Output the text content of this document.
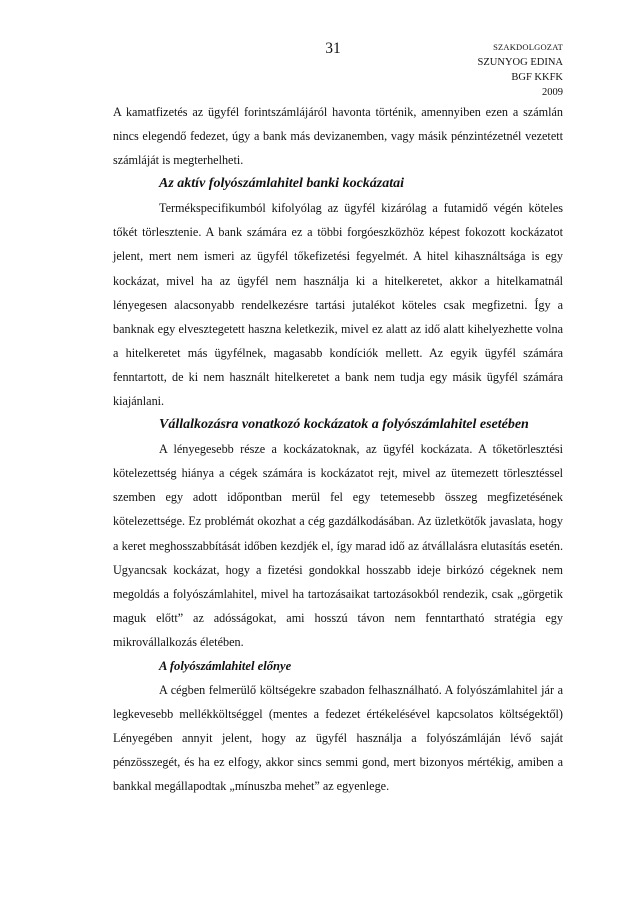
31	SZAKDOLGOZAT
SZUNYOG EDINA
BGF KKFK
2009

A kamatfizetés az ügyfél forintszámlájáról havonta történik, amennyiben ezen a számlán nincs elegendő fedezet, úgy a bank más devizanemben, vagy másik pénzintézetnél vezetett számláját is megterhelheti.

Az aktív folyószámlahitel banki kockázatai

Termékspecifikumból kifolyólag az ügyfél kizárólag a futamidő végén köteles tőkét törlesztenie. A bank számára ez a többi forgóeszközhöz képest fokozott kockázatot jelent, mert nem ismeri az ügyfél tőkefizetési fegyelmét. A hitel kihasználtsága is egy kockázat, mivel ha az ügyfél nem használja ki a hitelkeretet, akkor a hitelkamatnál lényegesen alacsonyabb rendelkezésre tartási jutalékot köteles csak megfizetni. Így a banknak egy elvesztegetett haszna keletkezik, mivel ez alatt az idő alatt kihelyezhette volna a hitelkeretet más ügyfélnek, magasabb kondíciók mellett. Az egyik ügyfél számára fenntartott, de ki nem használt hitelkeretet a bank nem tudja egy másik ügyfél számára kiajánlani.

Vállalkozásra vonatkozó kockázatok a folyószámlahitel esetében

A lényegesebb része a kockázatoknak, az ügyfél kockázata. A tőketörlesztési kötelezettség hiánya a cégek számára is kockázatot rejt, mivel az ütemezett törlesztéssel szemben egy adott időpontban merül fel egy tetemesebb összeg megfizetésének kötelezettsége. Ez problémát okozhat a cég gazdálkodásában. Az üzletkötők javaslata, hogy a keret meghosszabbítását időben kezdjék el, így marad idő az átvállalásra elutasítás esetén. Ugyancsak kockázat, hogy a fizetési gondokkal hosszabb ideje birkózó cégeknek nem megoldás a folyószámlahitel, mivel ha tartozásaikat tartozásokból rendezik, csak „görgetik maguk előtt” az adósságokat, ami hosszú távon nem fenntartható stratégia egy mikrovállalkozás életében.

A folyószámlahitel előnye

A cégben felmerülő költségekre szabadon felhasználható. A folyószámlahitel jár a legkevesebb mellékköltséggel (mentes a fedezet értékelésével kapcsolatos költségektől) Lényegében annyit jelent, hogy az ügyfél használja a folyószámláján lévő saját pénzösszegét, és ha ez elfogy, akkor sincs semmi gond, mert bizonyos mértékig, amiben a bankkal megállapodtak „mínuszba mehet” az egyenlege.
